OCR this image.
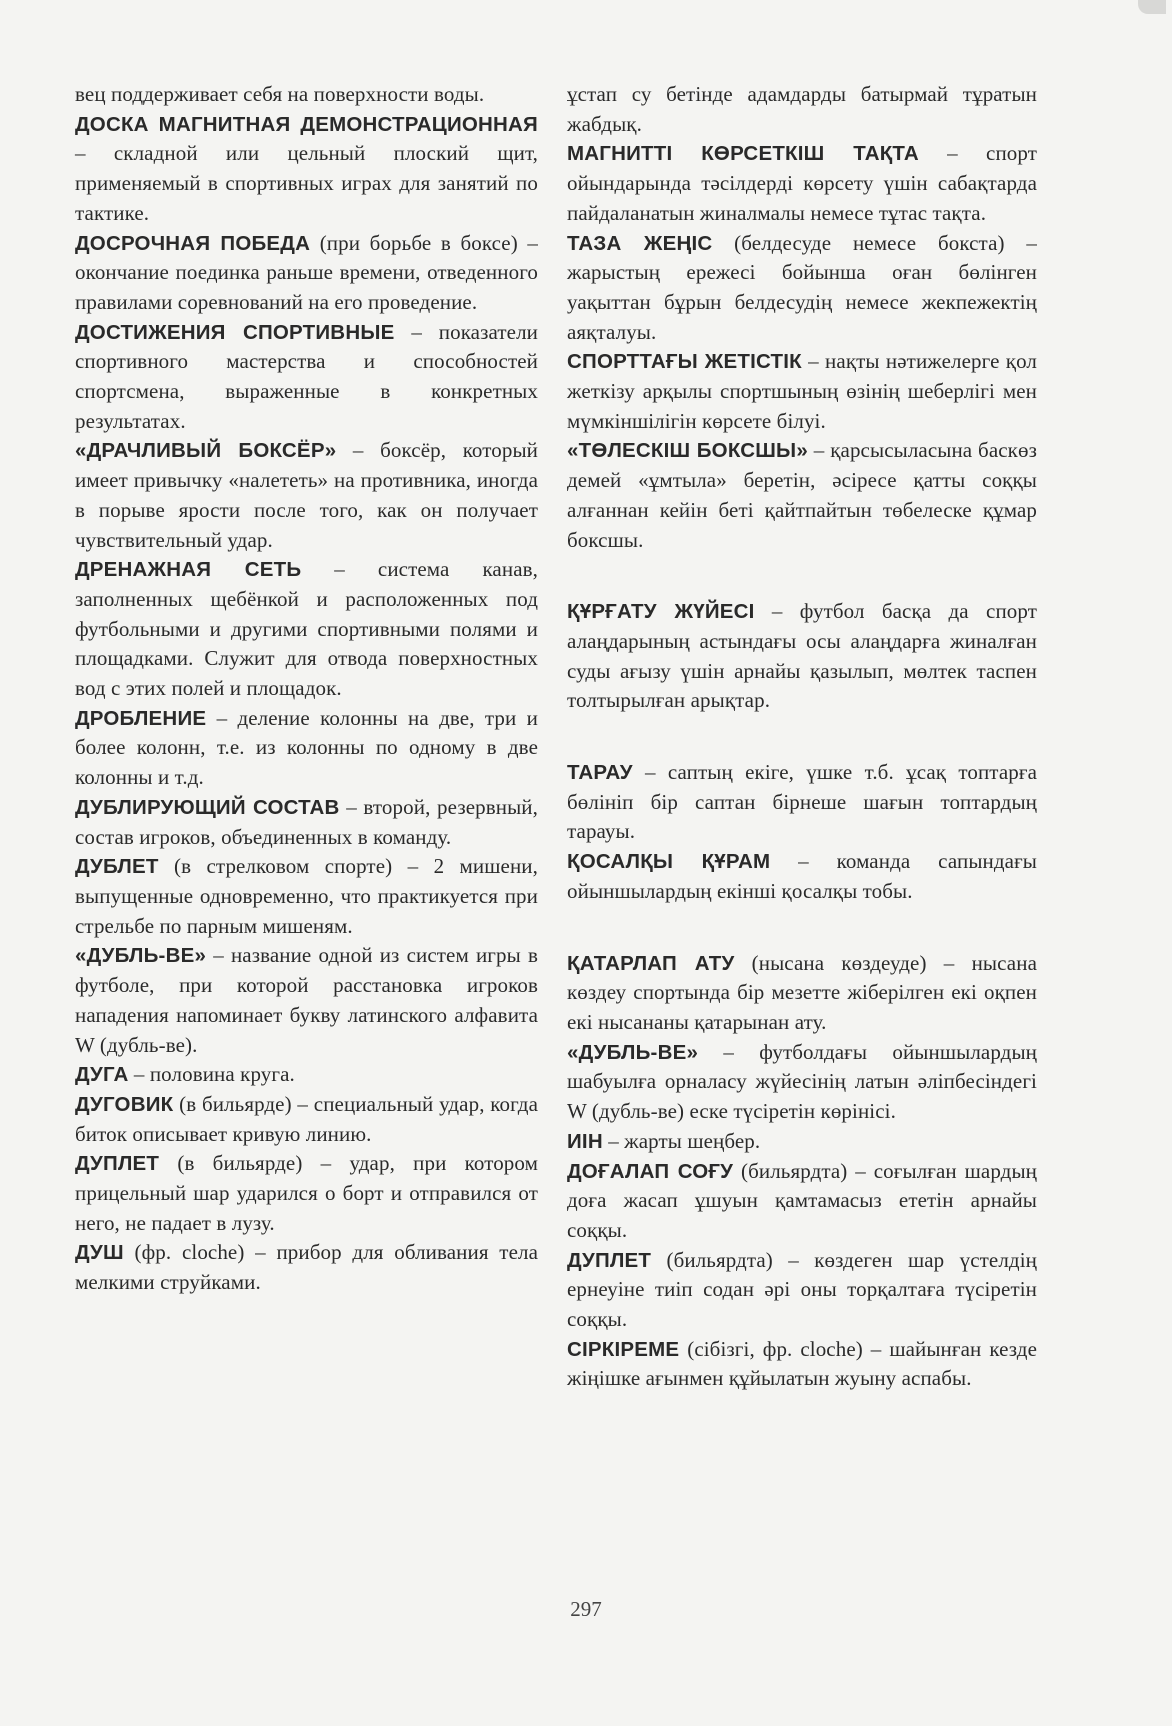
вец поддерживает себя на поверхности воды.

ДОСКА МАГНИТНАЯ ДЕМОНСТРАЦИОННАЯ – складной или цельный плоский щит, применяемый в спортивных играх для занятий по тактике.

ДОСРОЧНАЯ ПОБЕДА (при борьбе в боксе) – окончание поединка раньше времени, отведенного правилами соревнований на его проведение.

ДОСТИЖЕНИЯ СПОРТИВНЫЕ – показатели спортивного мастерства и способностей спортсмена, выраженные в конкретных результатах.

«ДРАЧЛИВЫЙ БОКСЁР» – боксёр, который имеет привычку «налететь» на противника, иногда в порыве ярости после того, как он получает чувствительный удар.

ДРЕНАЖНАЯ СЕТЬ – система канав, заполненных щебёнкой и расположенных под футбольными и другими спортивными полями и площадками. Служит для отвода поверхностных вод с этих полей и площадок.

ДРОБЛЕНИЕ – деление колонны на две, три и более колонн, т.е. из колонны по одному в две колонны и т.д.

ДУБЛИРУЮЩИЙ СОСТАВ – второй, резервный, состав игроков, объединенных в команду.

ДУБЛЕТ (в стрелковом спорте) – 2 мишени, выпущенные одновременно, что практикуется при стрельбе по парным мишеням.

«ДУБЛЬ-ВЕ» – название одной из систем игры в футболе, при которой расстановка игроков нападения напоминает букву латинского алфавита W (дубль-ве).

ДУГА – половина круга.

ДУГОВИК (в бильярде) – специальный удар, когда биток описывает кривую линию.

ДУПЛЕТ (в бильярде) – удар, при котором прицельный шар ударился о борт и отправился от него, не падает в лузу.

ДУШ (фр. cloche) – прибор для обливания тела мелкими струйками.

ұстап су бетінде адамдарды батырмай тұратын жабдық.

МАГНИТТІ КӨРСЕТКІШ ТАҚТА – спорт ойындарында тәсілдерді көрсету үшін сабақтарда пайдаланатын жиналмалы немесе тұтас тақта.

ТАЗА ЖЕҢІС (белдесуде немесе бокста) – жарыстың ережесі бойынша оған бөлінген уақыттан бұрын белдесудің немесе жекпежектің аяқталуы.

СПОРТТАҒЫ ЖЕТІСТІК – нақты нәтижелерге қол жеткізу арқылы спортшының өзінің шеберлігі мен мүмкіншілігін көрсете білуі.

«ТӨЛЕСКІШ БОКСШЫ» – қарсысыласына баскөз демей «ұмтыла» беретін, әсіресе қатты соққы алғаннан кейін беті қайтпайтын төбелеске құмар боксшы.

ҚҰРҒАТУ ЖҮЙЕСІ – футбол басқа да спорт алаңдарының астындағы осы алаңдарға жиналған суды ағызу үшін арнайы қазылып, мөлтек таспен толтырылған арықтар.

ТАРАУ – саптың екіге, үшке т.б. ұсақ топтарға бөлініп бір саптан бірнеше шағын топтардың тарауы.

ҚОСАЛҚЫ ҚҰРАМ – команда сапындағы ойыншылардың екінші қосалқы тобы.

ҚАТАРЛАП АТУ (нысана көздеуде) – нысана көздеу спортында бір мезетте жіберілген екі оқпен екі нысананы қатарынан ату.

«ДУБЛЬ-ВЕ» – футболдағы ойыншылардың шабуылға орналасу жүйесінің латын әліпбесіндегі W (дубль-ве) еске түсіретін көрінісі.

ИІН – жарты шеңбер.

ДОҒАЛАП СОҒУ (бильярдта) – соғылған шардың доға жасап ұшуын қамтамасыз ететін арнайы соққы.

ДУПЛЕТ (бильярдта) – көздеген шар үстелдің ернеуіне тиіп содан әрі оны торқалтаға түсіретін соққы.

СІРКІРЕМЕ (сібізгі, фр. cloche) – шайынған кезде жіңішке ағынмен құйылатын жуыну аспабы.

297
